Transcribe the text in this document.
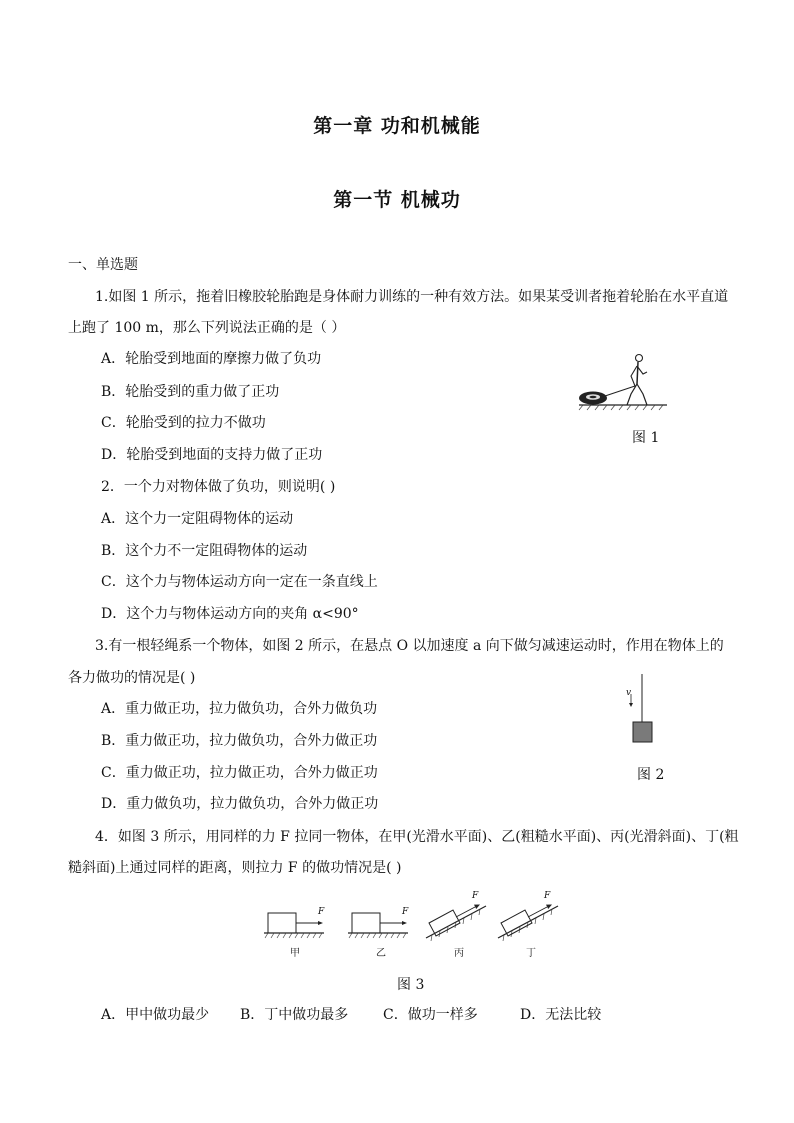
第一章 功和机械能
第一节 机械功
一、单选题
1.如图 1 所示，拖着旧橡胶轮胎跑是身体耐力训练的一种有效方法。如果某受训者拖着轮胎在水平直道
上跑了 100 m，那么下列说法正确的是（ ）
A．轮胎受到地面的摩擦力做了负功
B．轮胎受到的重力做了正功
C．轮胎受到的拉力不做功
D．轮胎受到地面的支持力做了正功
图 1
2．一个力对物体做了负功，则说明( )
A．这个力一定阻碍物体的运动
B．这个力不一定阻碍物体的运动
C．这个力与物体运动方向一定在一条直线上
D．这个力与物体运动方向的夹角 α<90°
3.有一根轻绳系一个物体，如图 2 所示，在悬点 O 以加速度 a 向下做匀减速运动时，作用在物体上的
各力做功的情况是( )
A．重力做正功，拉力做负功，合外力做负功
B．重力做正功，拉力做负功，合外力做正功
C．重力做正功，拉力做正功，合外力做正功
D．重力做负功，拉力做负功，合外力做正功
v
图 2
4．如图 3 所示，用同样的力 F 拉同一物体，在甲(光滑水平面)、乙(粗糙水平面)、丙(光滑斜面)、丁(粗
糙斜面)上通过同样的距离，则拉力 F 的做功情况是( )
F	F
F	F
甲	乙	丙	丁
图 3
A．甲中做功最少 B．丁中做功最多 C．做功一样多	D．无法比较
